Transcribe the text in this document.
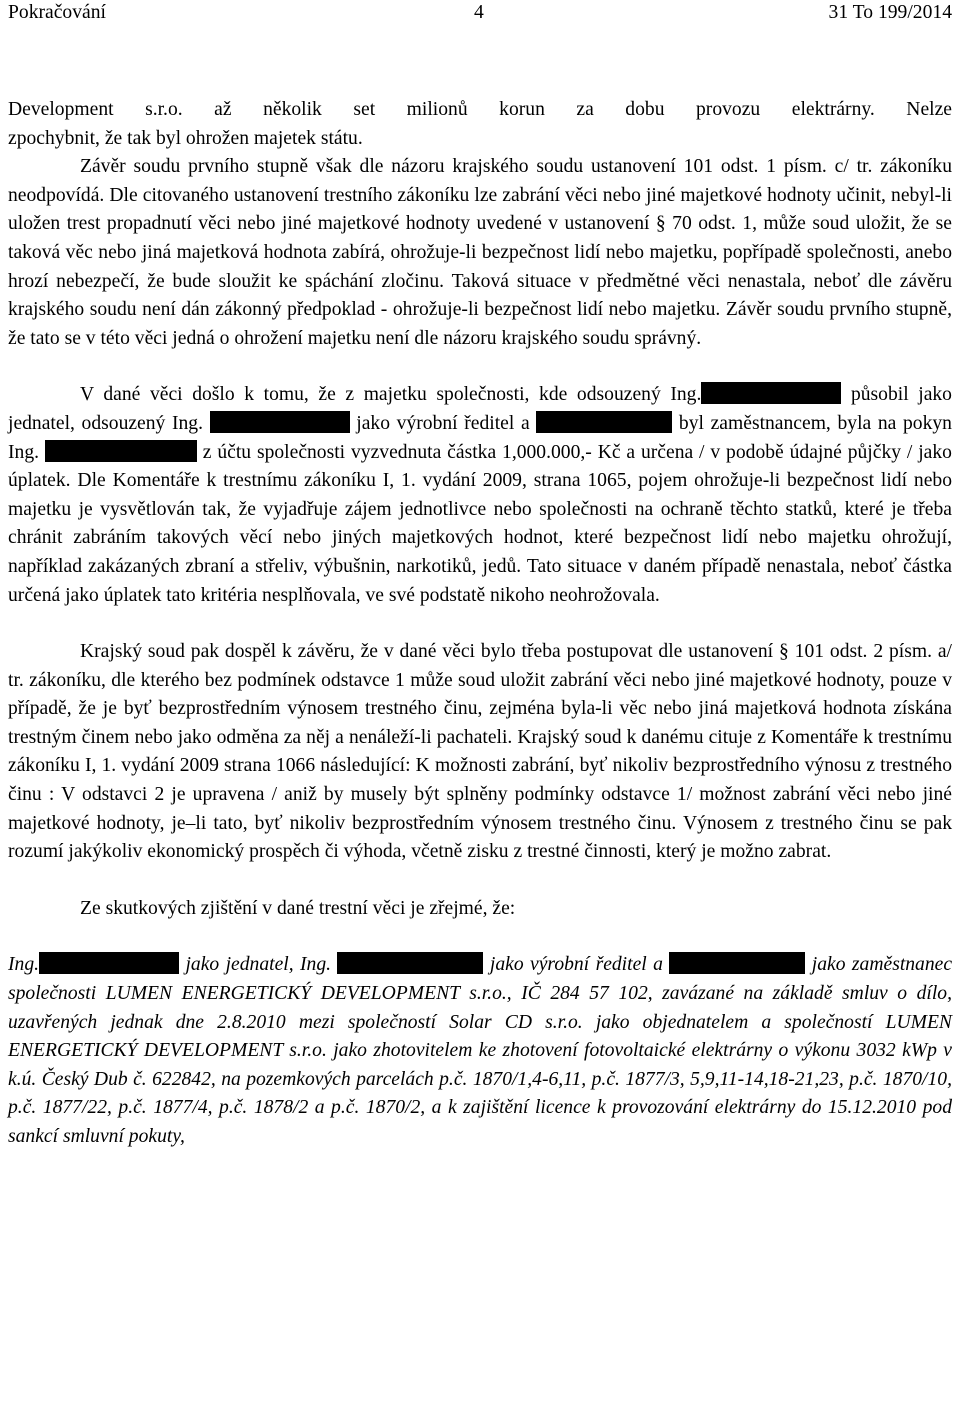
Pokračování	4	31 To 199/2014

Development s.r.o. až několik set milionů korun za dobu provozu elektrárny. Nelze
zpochybnit, že tak byl ohrožen majetek státu.

Závěr soudu prvního stupně však dle názoru krajského soudu ustanovení 101 odst. 1 písm. c/ tr. zákoníku neodpovídá. Dle citovaného ustanovení trestního zákoníku lze zabrání věci nebo jiné majetkové hodnoty učinit, nebyl-li uložen trest propadnutí věci nebo jiné majetkové hodnoty uvedené v ustanovení § 70 odst. 1, může soud uložit, že se taková věc nebo jiná majetková hodnota zabírá, ohrožuje-li bezpečnost lidí nebo majetku, popřípadě společnosti, anebo hrozí nebezpečí, že bude sloužit ke spáchání zločinu. Taková situace v předmětné věci nenastala, neboť dle závěru krajského soudu není dán zákonný předpoklad - ohrožuje-li bezpečnost lidí nebo majetku. Závěr soudu prvního stupně, že tato se v této věci jedná o ohrožení majetku není dle názoru krajského soudu správný.

V dané věci došlo k tomu, že z majetku společnosti, kde odsouzený Ing.	působil jako jednatel, odsouzený Ing.	jako výrobní ředitel a	byl zaměstnancem, byla na pokyn Ing.	z účtu společnosti vyzvednuta částka 1,000.000,- Kč a určena / v podobě údajné půjčky / jako úplatek. Dle Komentáře k trestnímu zákoníku I, 1. vydání 2009, strana 1065, pojem ohrožuje-li bezpečnost lidí nebo majetku je vysvětlován tak, že vyjadřuje zájem jednotlivce nebo společnosti na ochraně těchto statků, které je třeba chránit zabráním takových věcí nebo jiných majetkových hodnot, které bezpečnost lidí nebo majetku ohrožují, například zakázaných zbraní a střeliv, výbušnin, narkotiků, jedů. Tato situace v daném případě nenastala, neboť částka určená jako úplatek tato kritéria nesplňovala, ve své podstatě nikoho neohrožovala.

Krajský soud pak dospěl k závěru, že v dané věci bylo třeba postupovat dle ustanovení § 101 odst. 2 písm. a/ tr. zákoníku, dle kterého bez podmínek odstavce 1 může soud uložit zabrání věci nebo jiné majetkové hodnoty, pouze v případě, že je byť bezprostředním výnosem trestného činu, zejména byla-li věc nebo jiná majetková hodnota získána trestným činem nebo jako odměna za něj a nenáleží-li pachateli. Krajský soud k danému cituje z Komentáře k trestnímu zákoníku I, 1. vydání 2009 strana 1066 následující: K možnosti zabrání, byť nikoliv bezprostředního výnosu z trestného činu : V odstavci 2 je upravena / aniž by musely být splněny podmínky odstavce 1/ možnost zabrání věci nebo jiné majetkové hodnoty, je–li tato, byť nikoliv bezprostředním výnosem trestného činu. Výnosem z trestného činu se pak rozumí jakýkoliv ekonomický prospěch či výhoda, včetně zisku z trestné činnosti, který je možno zabrat.

Ze skutkových zjištění v dané trestní věci je zřejmé, že:

Ing.	jako jednatel, Ing.	jako výrobní ředitel a	jako zaměstnanec společnosti LUMEN ENERGETICKÝ DEVELOPMENT s.r.o., IČ 284 57 102, zavázané na základě smluv o dílo, uzavřených jednak dne 2.8.2010 mezi společností Solar CD s.r.o. jako objednatelem a společností LUMEN ENERGETICKÝ DEVELOPMENT s.r.o. jako zhotovitelem ke zhotovení fotovoltaické elektrárny o výkonu 3032 kWp v k.ú. Český Dub č. 622842, na pozemkových parcelách p.č. 1870/1,4-6,11, p.č. 1877/3, 5,9,11-14,18-21,23, p.č. 1870/10, p.č. 1877/22, p.č. 1877/4, p.č. 1878/2 a p.č. 1870/2, a k zajištění licence k provozování elektrárny do 15.12.2010 pod sankcí smluvní pokuty,
